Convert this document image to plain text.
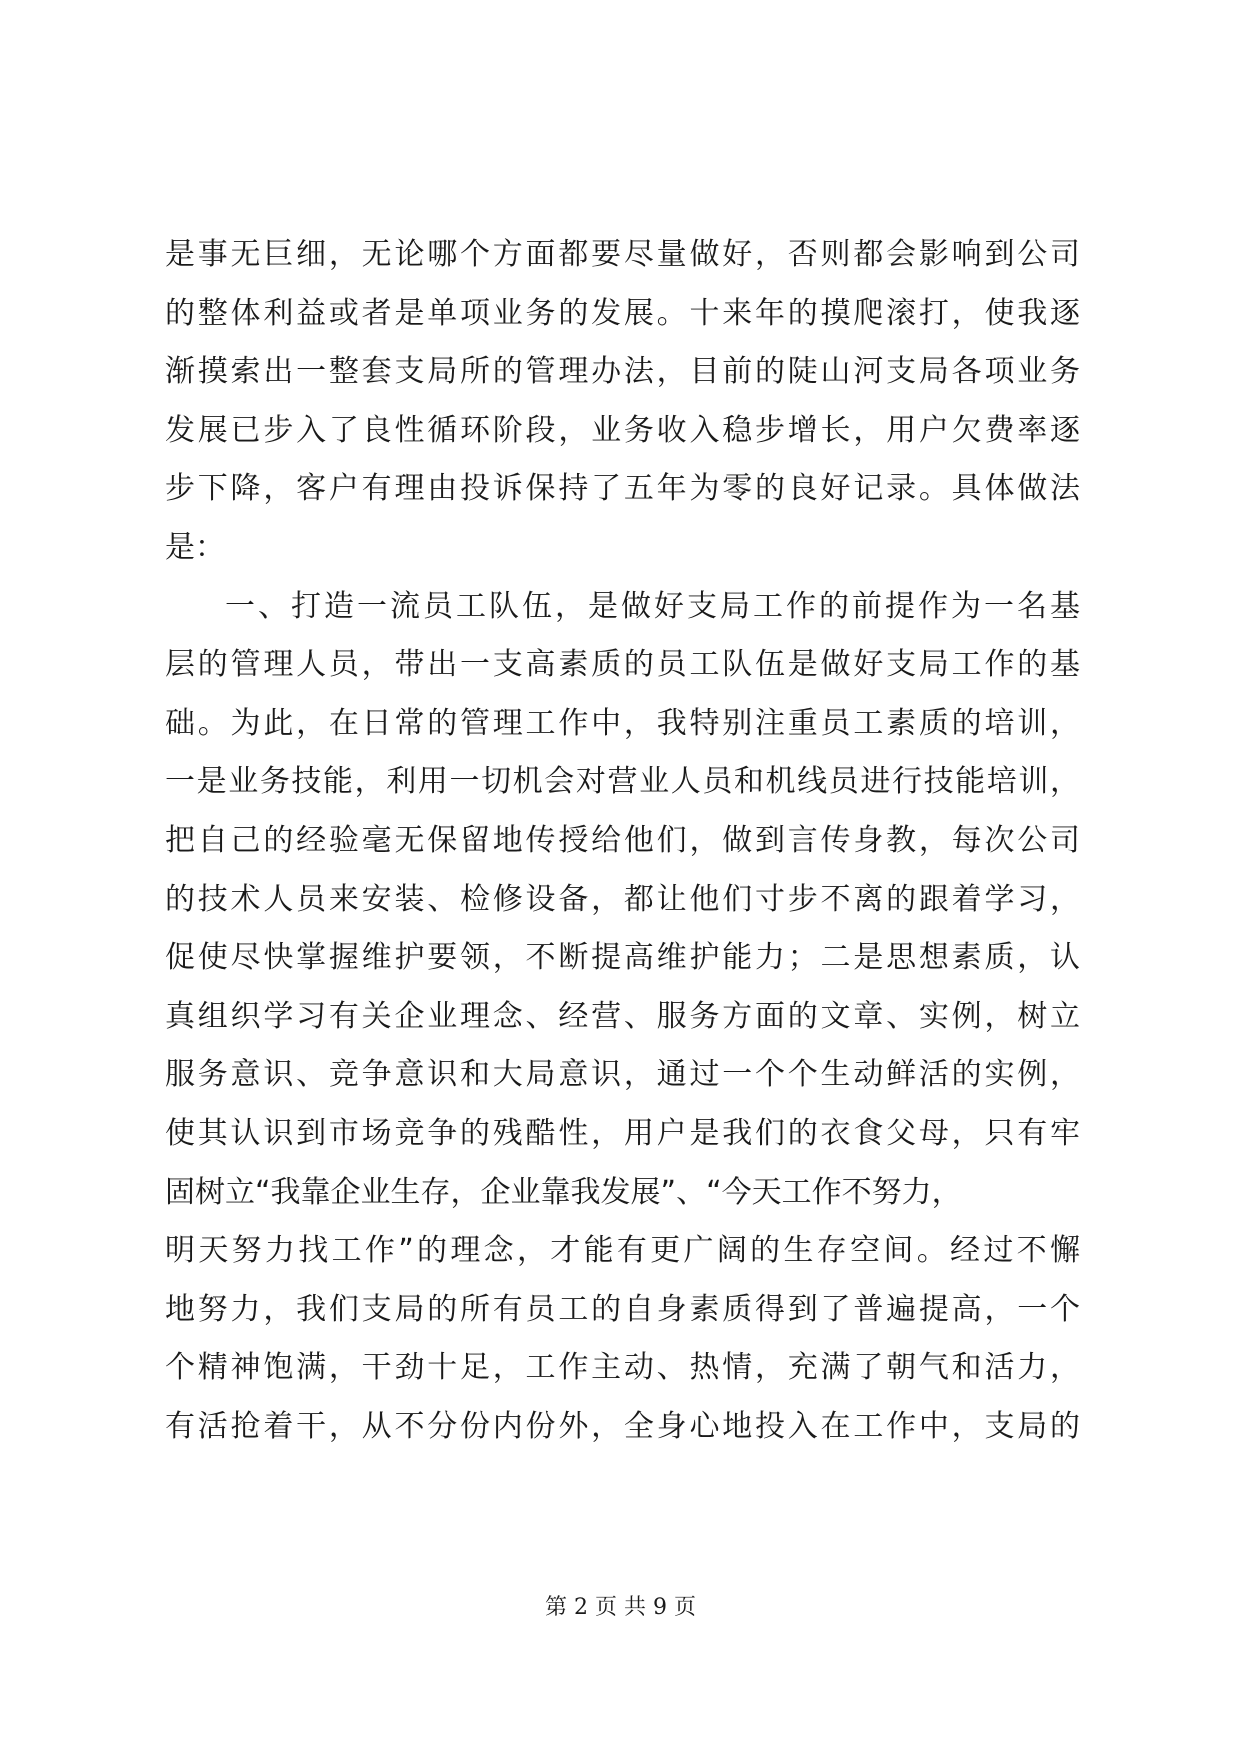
是事无巨细，无论哪个方面都要尽量做好，否则都会影响到公司
的整体利益或者是单项业务的发展。十来年的摸爬滚打，使我逐
渐摸索出一整套支局所的管理办法，目前的陡山河支局各项业务
发展已步入了良性循环阶段，业务收入稳步增长，用户欠费率逐
步下降，客户有理由投诉保持了五年为零的良好记录。具体做法
是：
一、打造一流员工队伍，是做好支局工作的前提作为一名基
层的管理人员，带出一支高素质的员工队伍是做好支局工作的基
础。为此，在日常的管理工作中，我特别注重员工素质的培训，
一是业务技能，利用一切机会对营业人员和机线员进行技能培训，
把自己的经验毫无保留地传授给他们，做到言传身教，每次公司
的技术人员来安装、检修设备，都让他们寸步不离的跟着学习，
促使尽快掌握维护要领，不断提高维护能力；二是思想素质，认
真组织学习有关企业理念、经营、服务方面的文章、实例，树立
服务意识、竞争意识和大局意识，通过一个个生动鲜活的实例，
使其认识到市场竞争的残酷性，用户是我们的衣食父母，只有牢
固树立“我靠企业生存，企业靠我发展”、“今天工作不努力，
明天努力找工作”的理念，才能有更广阔的生存空间。经过不懈
地努力，我们支局的所有员工的自身素质得到了普遍提高，一个
个精神饱满，干劲十足，工作主动、热情，充满了朝气和活力，
有活抢着干，从不分份内份外，全身心地投入在工作中，支局的
第 2 页 共 9 页
